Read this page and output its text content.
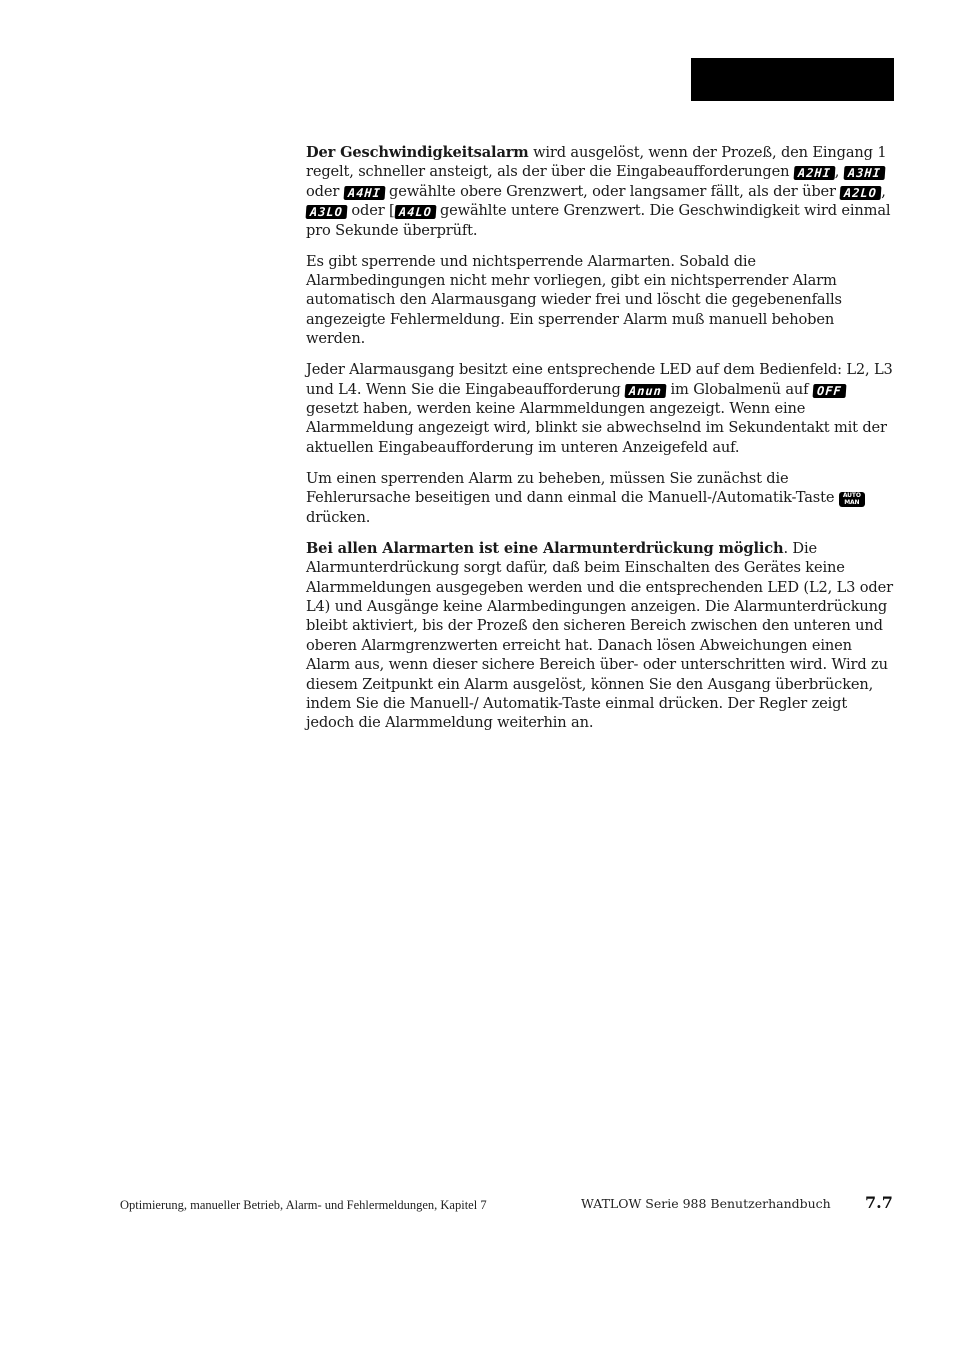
Der Geschwindigkeitsalarm wird ausgelöst, wenn der Prozeß, den Eingang 1 regelt, schneller ansteigt, als der über die Eingabeaufforderungen A2HI , A3HI oder A4HI gewählte obere Grenzwert, oder langsamer fällt, als der über A2LO , A3LO oder [ A4LO gewählte untere Grenzwert. Die Geschwindigkeit wird einmal pro Sekunde überprüft.

Es gibt sperrende und nichtsperrende Alarmarten. Sobald die Alarmbedingungen nicht mehr vorliegen, gibt ein nichtsperrender Alarm automatisch den Alarmausgang wieder frei und löscht die gegebenenfalls angezeigte Fehlermeldung. Ein sperrender Alarm muß manuell behoben werden.

Jeder Alarmausgang besitzt eine entsprechende LED auf dem Bedienfeld: L2, L3 und L4. Wenn Sie die Eingabeaufforderung Anun im Globalmenü auf OFF gesetzt haben, werden keine Alarmmeldungen angezeigt. Wenn eine Alarmmeldung angezeigt wird, blinkt sie abwechselnd im Sekundentakt mit der aktuellen Eingabeaufforderung im unteren Anzeigefeld auf.

Um einen sperrenden Alarm zu beheben, müssen Sie zunächst die Fehlerursache beseitigen und dann einmal die Manuell-/Automatik-Taste AUTO
MAN
drücken.

Bei allen Alarmarten ist eine Alarmunterdrückung möglich. Die Alarmunterdrückung sorgt dafür, daß beim Einschalten des Gerätes keine Alarmmeldungen ausgegeben werden und die entsprechenden LED (L2, L3 oder L4) und Ausgänge keine Alarmbedingungen anzeigen. Die Alarmunterdrückung bleibt aktiviert, bis der Prozeß den sicheren Bereich zwischen den unteren und oberen Alarmgrenzwerten erreicht hat. Danach lösen Abweichungen einen Alarm aus, wenn dieser sichere Bereich über- oder unterschritten wird. Wird zu diesem Zeitpunkt ein Alarm ausgelöst, können Sie den Ausgang überbrücken, indem Sie die Manuell-/ Automatik-Taste einmal drücken. Der Regler zeigt jedoch die Alarmmeldung weiterhin an.

Optimierung, manueller Betrieb, Alarm- und Fehlermeldungen, Kapitel 7	WATLOW Serie 988 Benutzerhandbuch 7.7
